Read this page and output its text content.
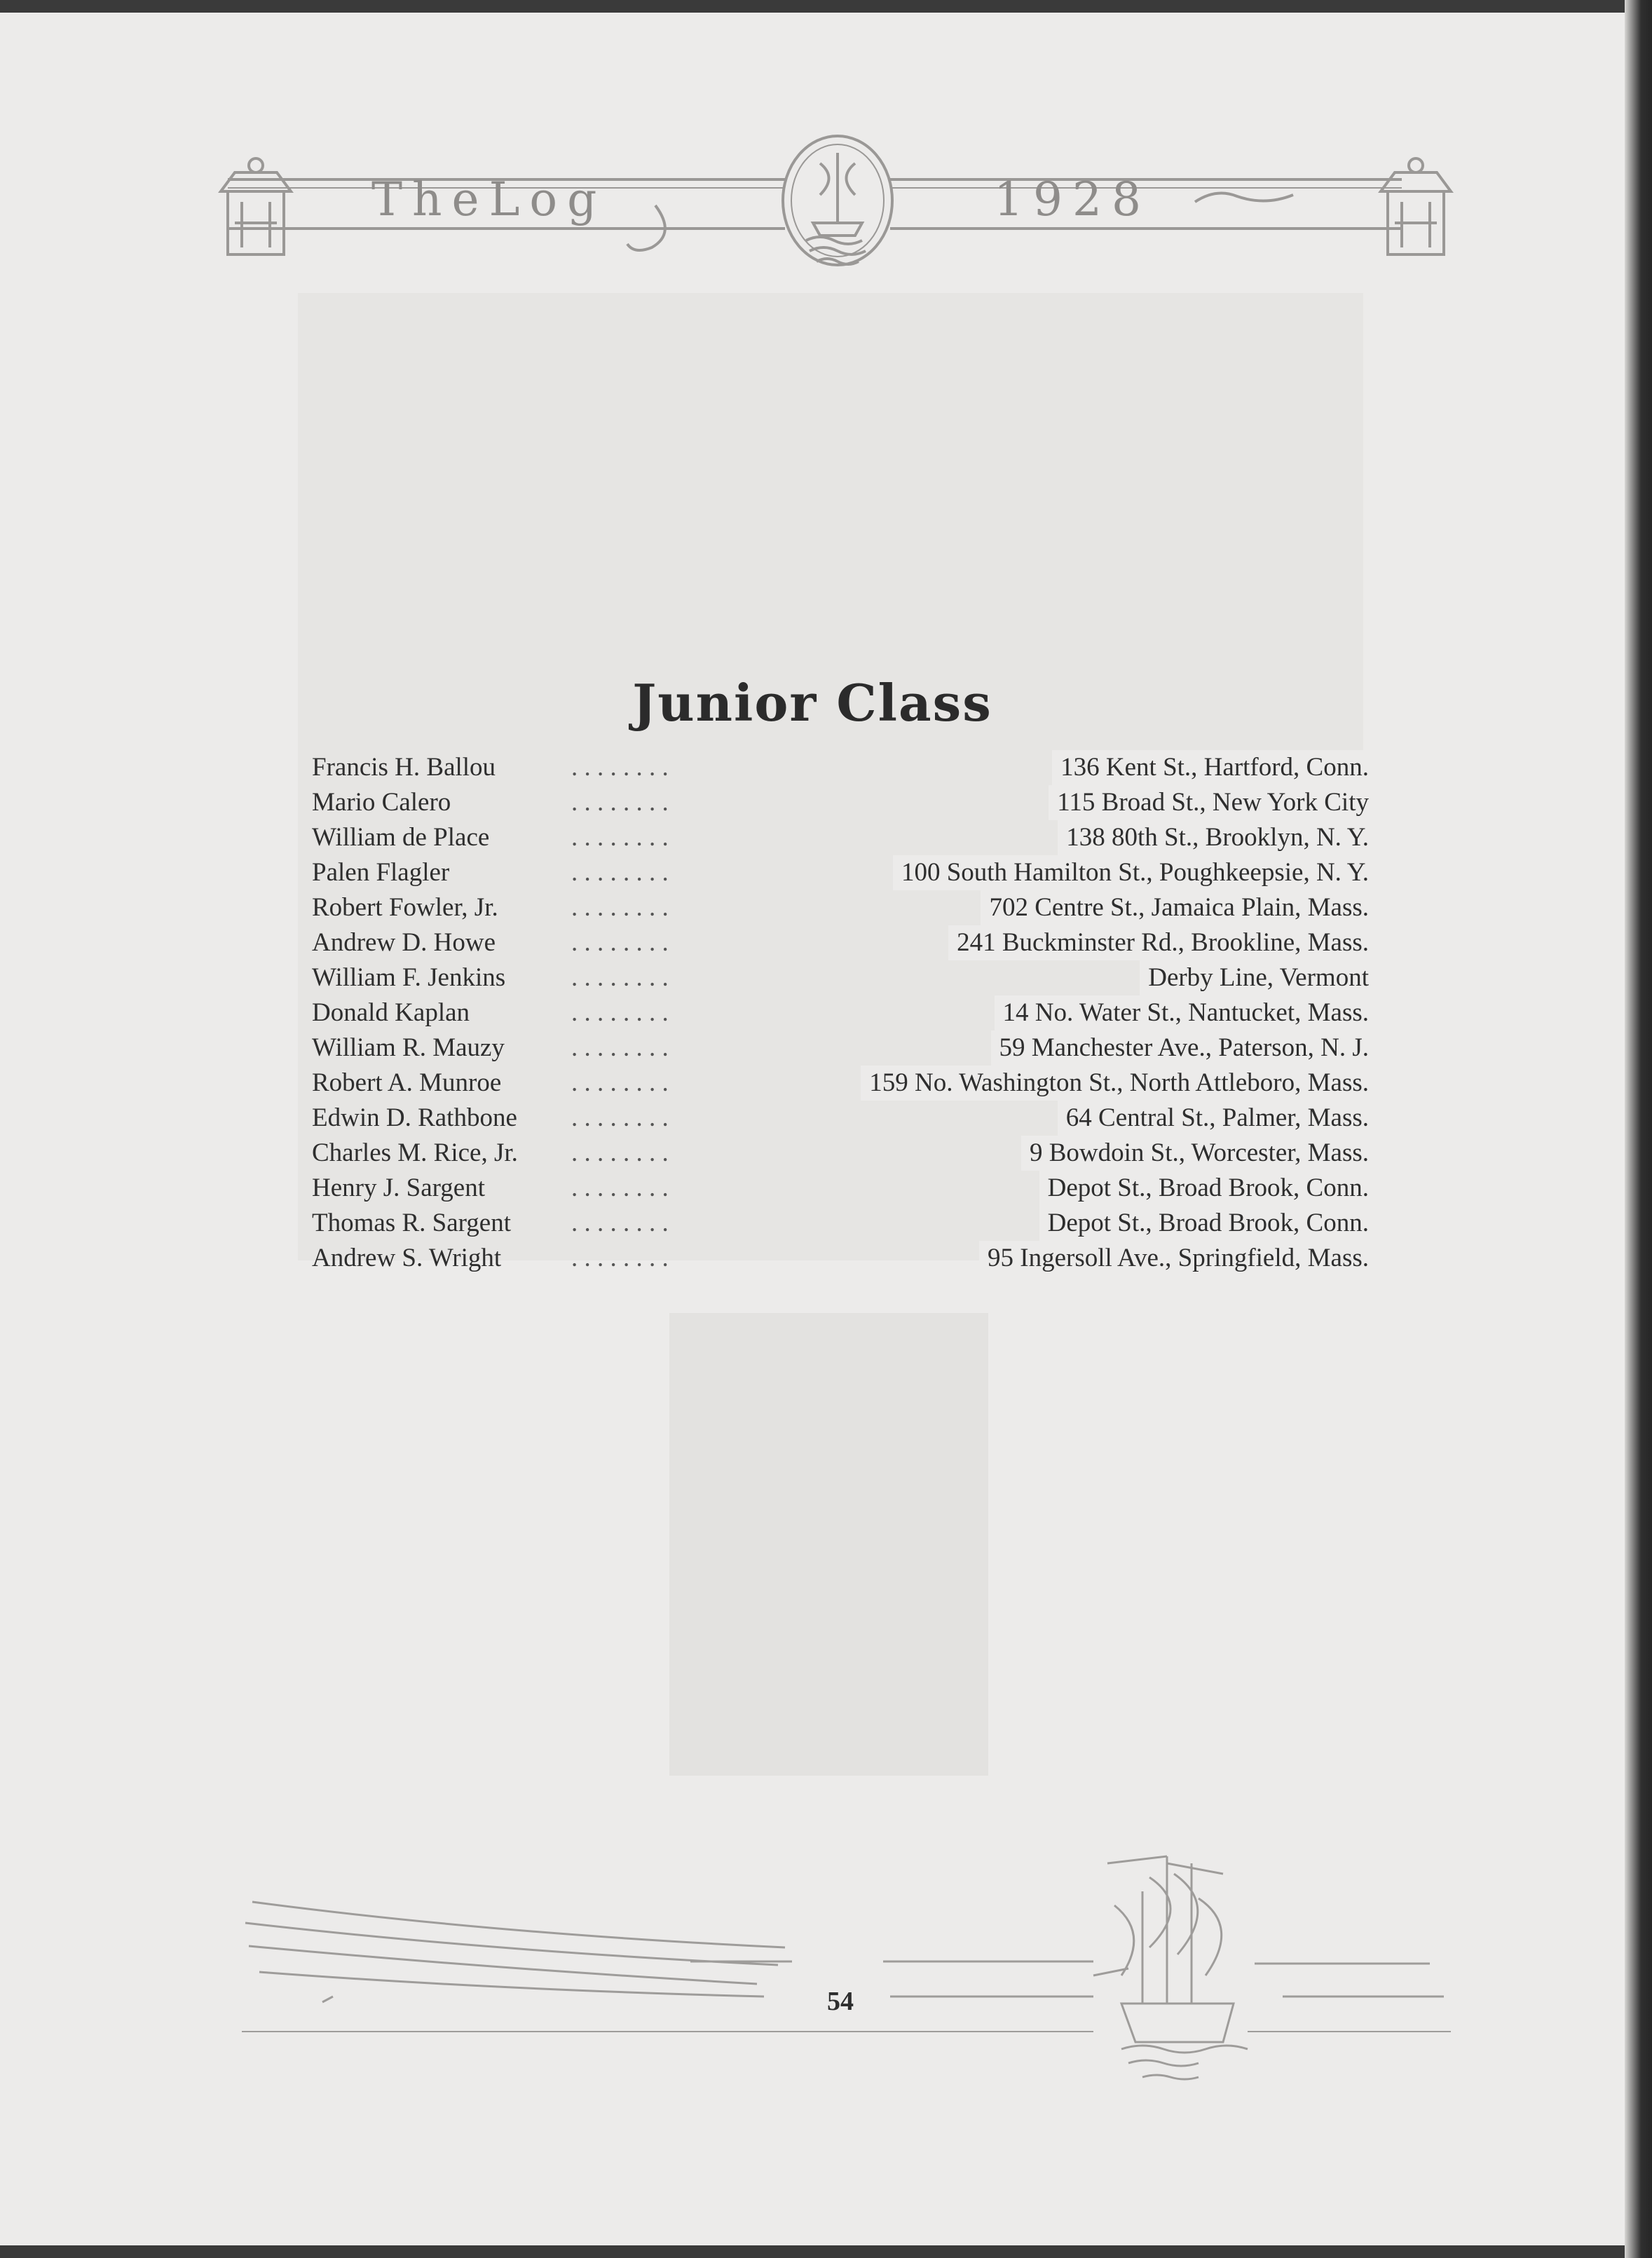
TheLog	1928
Junior Class
. . . . . . . .
Francis H. Ballou	136 Kent St., Hartford, Conn.
. . . . . . . .
Mario Calero	115 Broad St., New York City
. . . . . . . .
William de Place	138 80th St., Brooklyn, N. Y.
. . . . . . . .
Palen Flagler	100 South Hamilton St., Poughkeepsie, N. Y.
. . . . . . . .
Robert Fowler, Jr.	702 Centre St., Jamaica Plain, Mass.
. . . . . . . .
Andrew D. Howe	241 Buckminster Rd., Brookline, Mass.
. . . . . . . .
William F. Jenkins	Derby Line, Vermont
. . . . . . . .
Donald Kaplan	14 No. Water St., Nantucket, Mass.
. . . . . . . .
William R. Mauzy	59 Manchester Ave., Paterson, N. J.
. . . . . . . .
Robert A. Munroe	159 No. Washington St., North Attleboro, Mass.
. . . . . . . .
Edwin D. Rathbone	64 Central St., Palmer, Mass.
. . . . . . . .
Charles M. Rice, Jr.	9 Bowdoin St., Worcester, Mass.
. . . . . . . .
Henry J. Sargent	Depot St., Broad Brook, Conn.
. . . . . . . .
Thomas R. Sargent	Depot St., Broad Brook, Conn.
. . . . . . . .
Andrew S. Wright	95 Ingersoll Ave., Springfield, Mass.
54
